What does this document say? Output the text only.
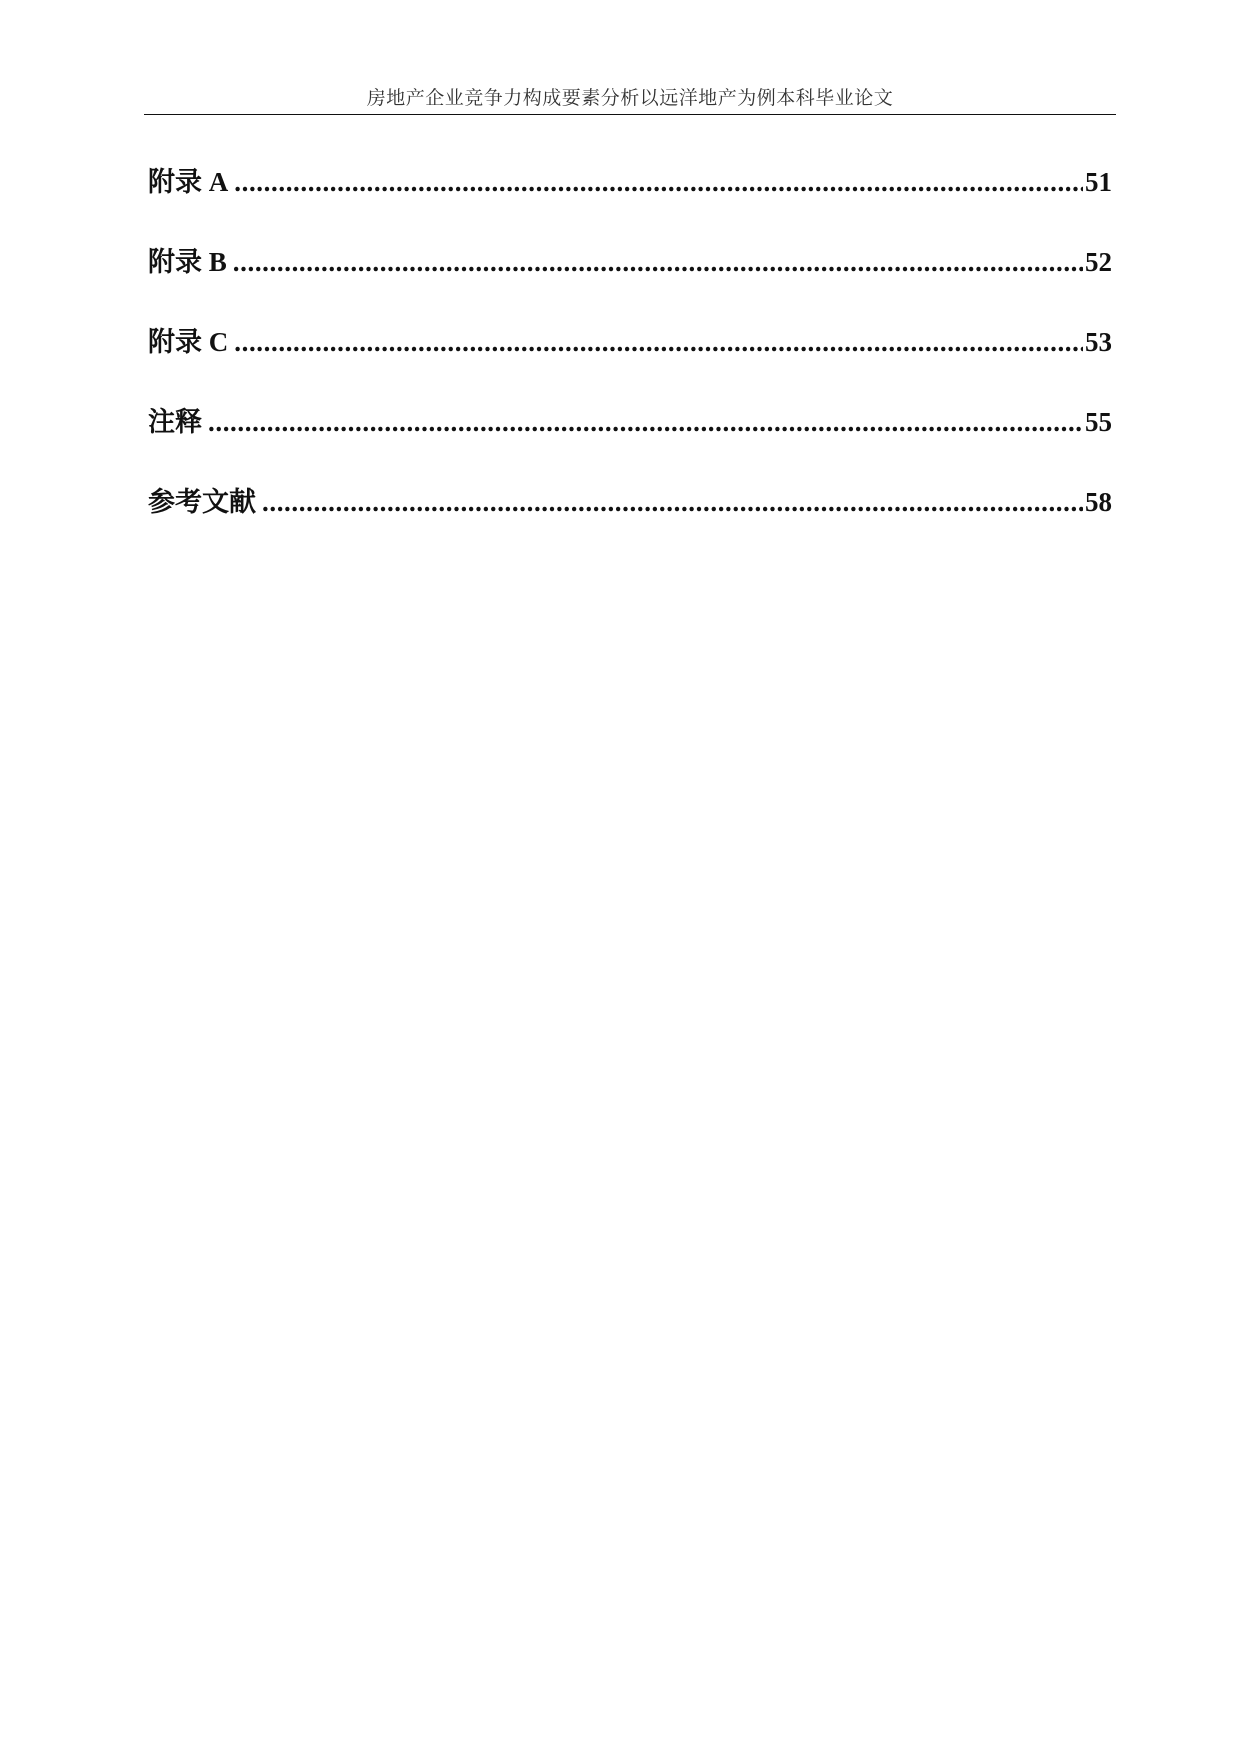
房地产企业竞争力构成要素分析以远洋地产为例本科毕业论文
附录 A .....	51
附录 B .....	52
附录 C .....	53
注释 .....	55
参考文献 .....	58
